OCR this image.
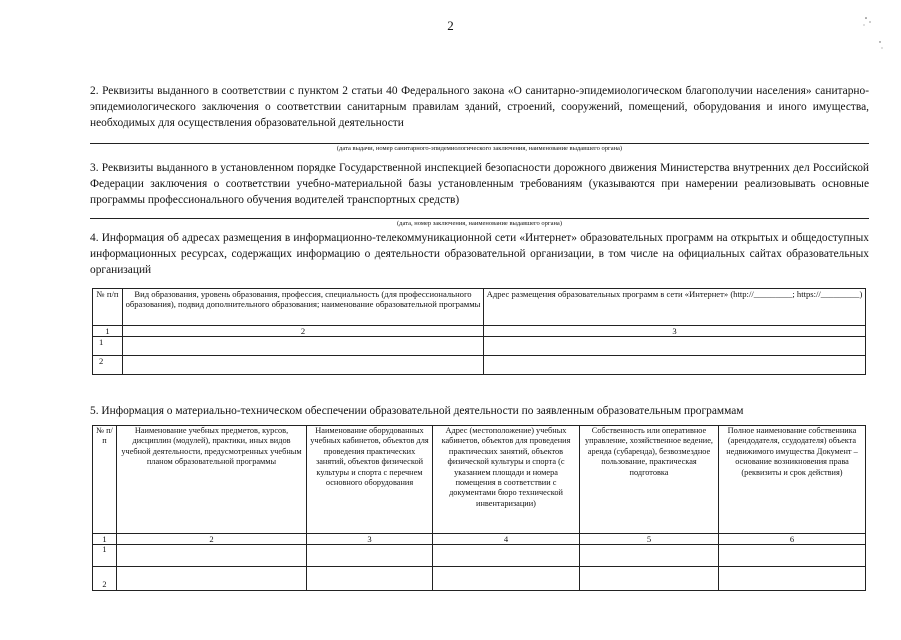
2
2. Реквизиты выданного в соответствии с пунктом 2 статьи 40 Федерального закона «О санитарно-эпидемиологическом благополучии населения» санитарно-эпидемиологического заключения о соответствии санитарным правилам зданий, строений, сооружений, помещений, оборудования и иного имущества, необходимых для осуществления образовательной деятельности
(дата выдачи, номер санитарного-эпидемиологического заключения, наименование выдавшего органа)
3. Реквизиты выданного в установленном порядке Государственной инспекцией безопасности дорожного движения Министерства внутренних дел Российской Федерации заключения о соответствии учебно-материальной базы установленным требованиям (указываются при намерении реализовывать основные программы профессионального обучения водителей транспортных средств)
(дата, номер заключения, наименование выдавшего органа)
4. Информация об адресах размещения в информационно-телекоммуникационной сети «Интернет» образовательных программ на открытых и общедоступных информационных ресурсах, содержащих информацию о деятельности образовательной организации, в том числе на официальных сайтах образовательных организаций
№ п/п	Вид образования, уровень образования, профессия, специальность (для профессионального образования), подвид дополнительного образования; наименование образовательной программы	Адрес размещения образовательных программ в сети «Интернет» (http://_________; https://_________)
1	2	3
1		
2		
5. Информация о материально-техническом обеспечении образовательной деятельности по заявленным образовательным программам
№ п/п	Наименование учебных предметов, курсов, дисциплин (модулей), практики, иных видов учебной деятельности, предусмотренных учебным планом образовательной программы	Наименование оборудованных учебных кабинетов, объектов для проведения практических занятий, объектов физической культуры и спорта с перечнем основного оборудования	Адрес (местоположение) учебных кабинетов, объектов для проведения практических занятий, объектов физической культуры и спорта (с указанием площади и номера помещения в соответствии с документами бюро технической инвентаризации)	Собственность или оперативное управление, хозяйственное ведение, аренда (субаренда), безвозмездное пользование, практическая подготовка	Полное наименование собственника (арендодателя, ссудодателя) объекта недвижимого имущества Документ – основание возникновения права (реквизиты и срок действия)
1	2	3	4	5	6
1					
2					
